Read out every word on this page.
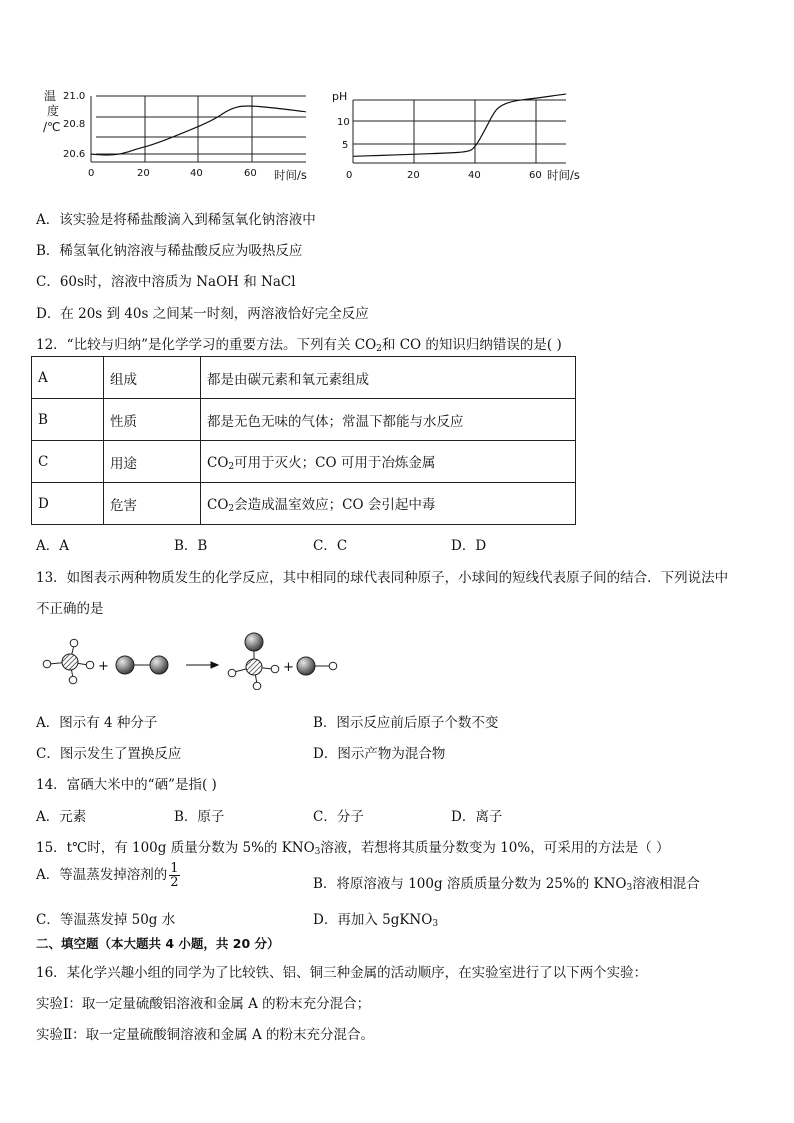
温
度
/℃
21.0
20.8
20.6
0	20	40	60 时间/s
pH
10
5
0	20	40	60 时间/s
A．该实验是将稀盐酸滴入到稀氢氧化钠溶液中
B．稀氢氧化钠溶液与稀盐酸反应为吸热反应
C．60s时，溶液中溶质为 NaOH 和 NaCl
D．在 20s 到 40s 之间某一时刻，两溶液恰好完全反应
12．“比较与归纳”是化学学习的重要方法。下列有关 $CO_2$和 CO 的知识归纳错误的是( )
A	组成	都是由碳元素和氧元素组成
B	性质	都是无色无味的气体；常温下都能与水反应
C	用途	$CO_2$可用于灭火；CO 可用于冶炼金属
D	危害	$CO_2$会造成温室效应；CO 会引起中毒
A．A	B．B	C．C	D．D
13．如图表示两种物质发生的化学反应，其中相同的球代表同种原子，小球间的短线代表原子间的结合．下列说法中
不正确的是
+	+
A．图示有 4 种分子	B．图示反应前后原子个数不变
C．图示发生了置换反应	D．图示产物为混合物
14．富硒大米中的“硒”是指( )
A．元素	B．原子	C．分子	D．离子
15．t℃时，有 100g 质量分数为 5%的 $KNO_3$溶液，若想将其质量分数变为 10%，可采用的方法是（ ）
A．等温蒸发掉溶剂的 $\frac{1}{2}$	B．将原溶液与 100g 溶质质量分数为 25%的 $KNO_3$溶液相混合
C．等温蒸发掉 50g 水	D．再加入 5gKNO$_3$
二、填空题（本大题共 4 小题，共 20 分）
16．某化学兴趣小组的同学为了比较铁、铝、铜三种金属的活动顺序，在实验室进行了以下两个实验：
实验Ⅰ：取一定量硫酸铝溶液和金属 A 的粉末充分混合；
实验Ⅱ：取一定量硫酸铜溶液和金属 A 的粉末充分混合。
